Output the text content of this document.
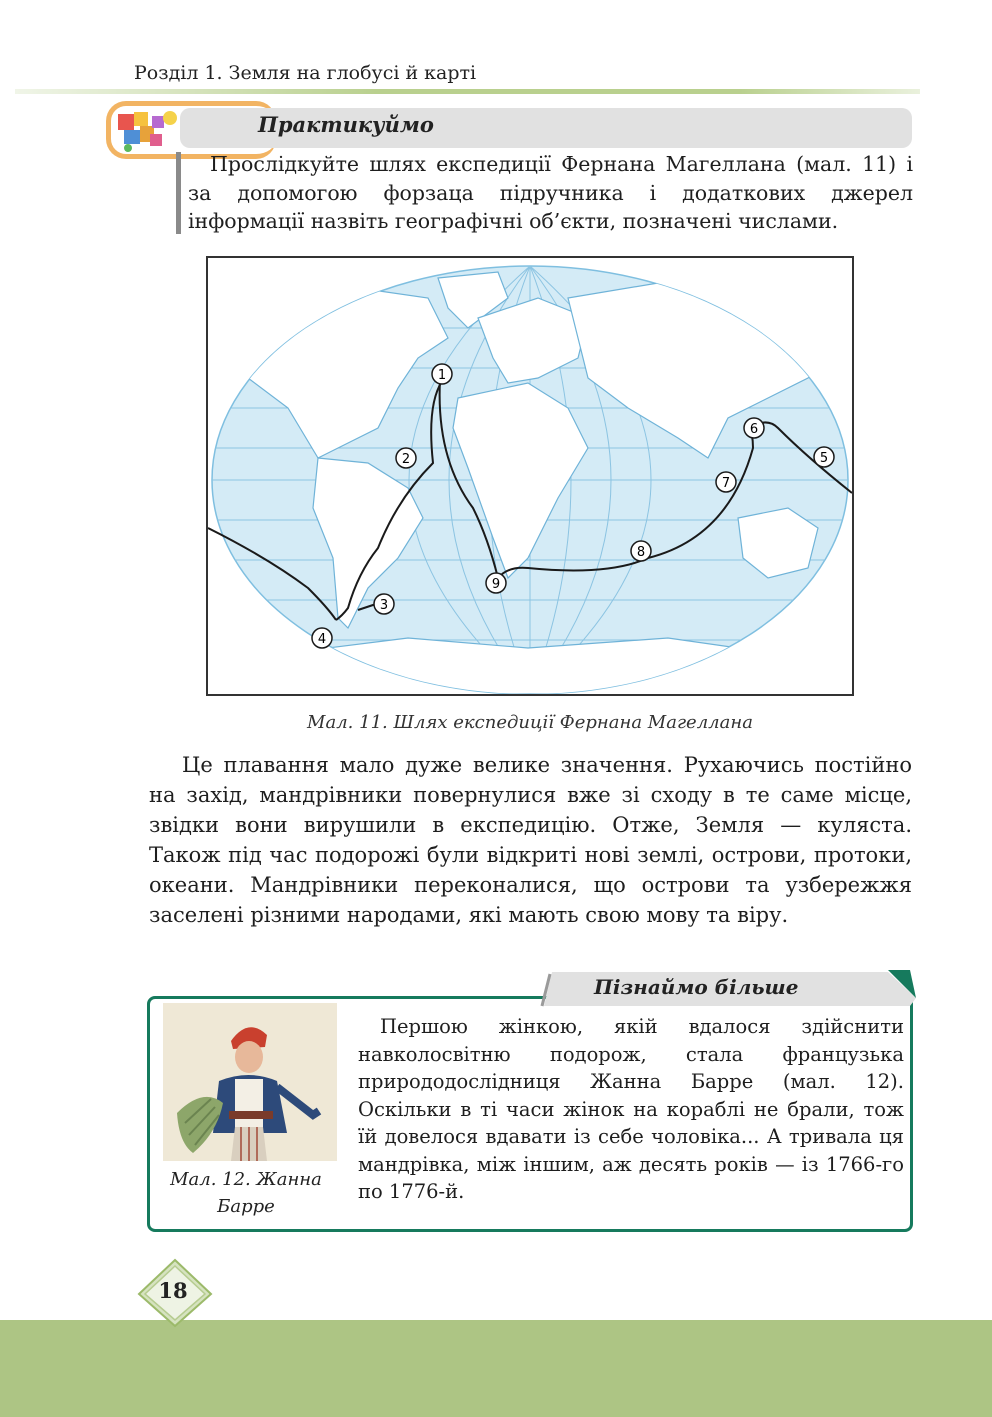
Розділ 1. Земля на глобусі й карті
Практикуймо
Прослідкуйте шлях експедиції Фернана Магеллана (мал. 11) і за допомогою форзаца підручника і додаткових джерел інформації назвіть географічні об’єкти, позначені числами.
1
2
3
4
5
6
7
8
9
Мал. 11. Шлях експедиції Фернана Магеллана
Це плавання мало дуже велике значення. Рухаючись постійно на захід, мандрівники повернулися вже зі сходу в те саме місце, звідки вони вирушили в експедицію. Отже, Земля — куляста. Також під час подорожі були відкриті нові землі, острови, протоки, океани. Мандрівники переконалися, що острови та узбережжя заселені різними народами, які мають свою мову та віру.
Пізнаймо більше
Мал. 12. Жанна Барре
Першою жінкою, якій вдалося здійснити навколосвітню подорож, стала французька природодослідниця Жанна Барре (мал. 12). Оскільки в ті часи жінок на кораблі не брали, тож їй довелося вдавати із себе чоловіка... А тривала ця мандрівка, між іншим, аж десять років — із 1766-го по 1776-й.
18
